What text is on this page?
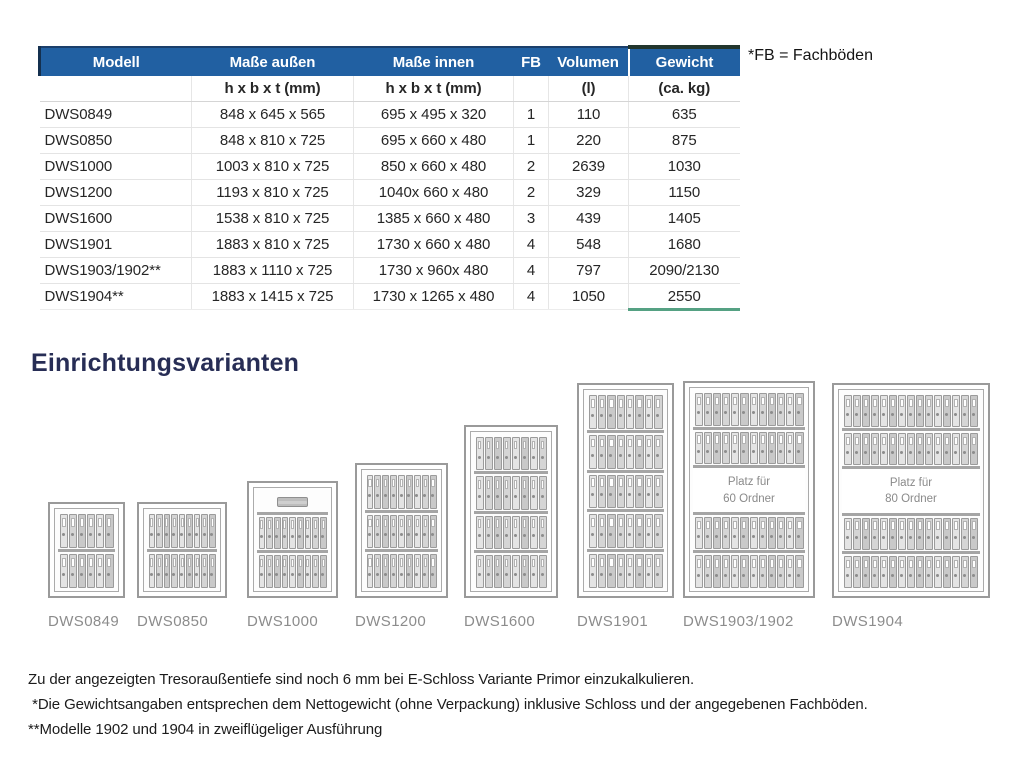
Modell	Maße außen	Maße innen	FB	Volumen	Gewicht
	h x b x t (mm)	h x b x t (mm)		(l)	(ca. kg)
DWS0849	848 x 645 x 565	695 x 495 x 320	1	110	635
DWS0850	848 x 810 x 725	695 x 660 x 480	1	220	875
DWS1000	1003 x 810 x 725	850 x 660 x 480	2	2639	1030
DWS1200	1193 x 810 x 725	1040x 660 x 480	2	329	1150
DWS1600	1538 x 810 x 725	1385 x 660 x 480	3	439	1405
DWS1901	1883 x 810 x 725	1730 x 660 x 480	4	548	1680
DWS1903/1902**	1883 x 1110 x 725	1730 x 960x 480	4	797	2090/2130
DWS1904**	1883 x 1415 x 725	1730 x 1265 x 480	4	1050	2550
*FB = Fachböden
Einrichtungsvarianten
DWS0849	DWS0850	DWS1000	DWS1200	DWS1600	DWS1901
Platz für
60 Ordner
DWS1903/1902
Platz für
80 Ordner
DWS1904
Zu der angezeigten Tresoraußentiefe sind noch 6 mm bei E-Schloss Variante Primor einzukalkulieren.
*Die Gewichtsangaben entsprechen dem Nettogewicht (ohne Verpackung) inklusive Schloss und der angegebenen Fachböden.
**Modelle 1902 und 1904 in zweiflügeliger Ausführung
